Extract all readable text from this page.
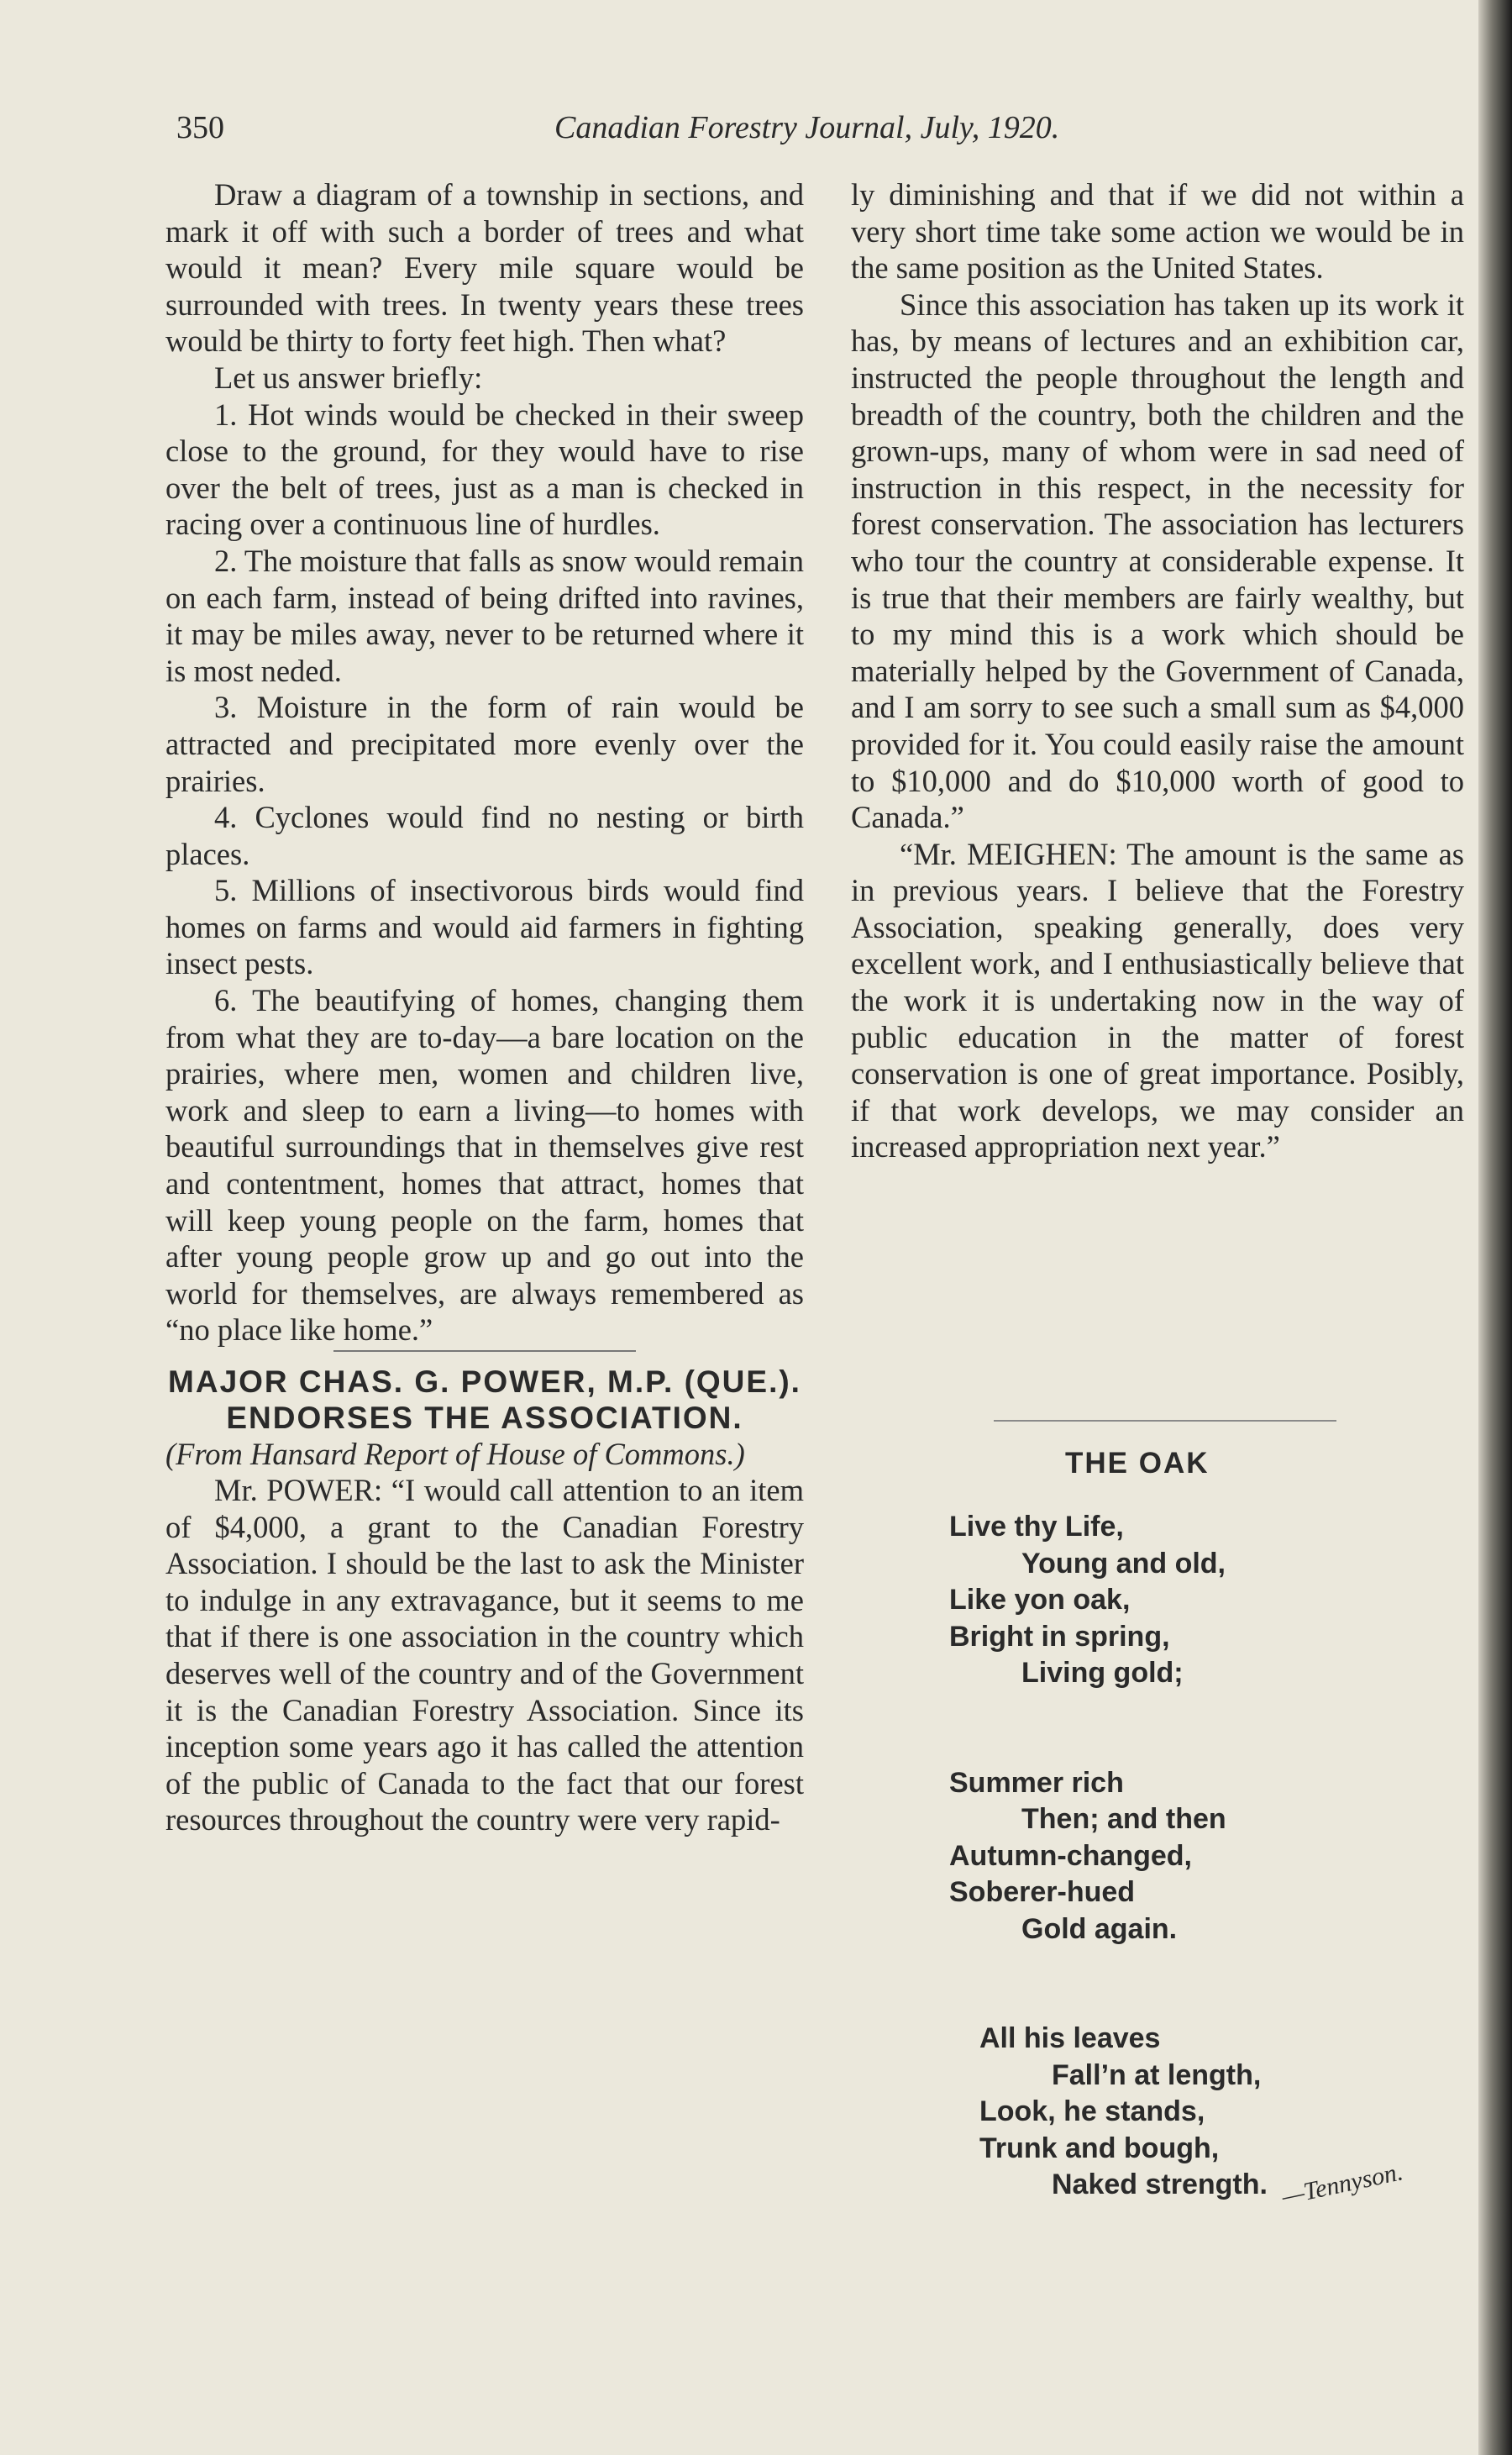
350	Canadian Forestry Journal, July, 1920.

Draw a diagram of a township in sections, and mark it off with such a border of trees and what would it mean? Every mile square would be surrounded with trees. In twenty years these trees would be thirty to forty feet high. Then what?

Let us answer briefly:

1. Hot winds would be checked in their sweep close to the ground, for they would have to rise over the belt of trees, just as a man is checked in racing over a continuous line of hurdles.

2. The moisture that falls as snow would remain on each farm, instead of being drifted into ravines, it may be miles away, never to be returned where it is most neded.

3. Moisture in the form of rain would be attracted and precipitated more evenly over the prairies.

4. Cyclones would find no nesting or birth places.

5. Millions of insectivorous birds would find homes on farms and would aid farmers in fighting insect pests.

6. The beautifying of homes, changing them from what they are to-day—a bare location on the prairies, where men, women and children live, work and sleep to earn a living—to homes with beautiful surroundings that in themselves give rest and contentment, homes that attract, homes that will keep young people on the farm, homes that after young people grow up and go out into the world for themselves, are always remembered as “no place like home.”

MAJOR CHAS. G. POWER, M.P. (QUE.). ENDORSES THE ASSOCIATION.

(From Hansard Report of House of Commons.)

Mr. POWER: “I would call attention to an item of $4,000, a grant to the Canadian Forestry Association. I should be the last to ask the Minister to indulge in any extravagance, but it seems to me that if there is one association in the country which deserves well of the country and of the Government it is the Canadian Forestry Association. Since its inception some years ago it has called the attention of the public of Canada to the fact that our forest resources throughout the country were very rapid-

ly diminishing and that if we did not within a very short time take some action we would be in the same position as the United States.

Since this association has taken up its work it has, by means of lectures and an exhibition car, instructed the people throughout the length and breadth of the country, both the children and the grown-ups, many of whom were in sad need of instruction in this respect, in the necessity for forest conservation. The association has lecturers who tour the country at considerable expense. It is true that their members are fairly wealthy, but to my mind this is a work which should be materially helped by the Government of Canada, and I am sorry to see such a small sum as $4,000 provided for it. You could easily raise the amount to $10,000 and do $10,000 worth of good to Canada.”

“Mr. MEIGHEN: The amount is the same as in previous years. I believe that the Forestry Association, speaking generally, does very excellent work, and I enthusiastically believe that the work it is undertaking now in the way of public education in the matter of forest conservation is one of great importance. Posibly, if that work develops, we may consider an increased appropriation next year.”

THE OAK
Live thy Life,
Young and old,
Like yon oak,
Bright in spring,
Living gold;
Summer rich
Then; and then
Autumn-changed,
Soberer-hued
Gold again.
All his leaves
Fall’n at length,
Look, he stands,
Trunk and bough,
Naked strength. —Tennyson.
